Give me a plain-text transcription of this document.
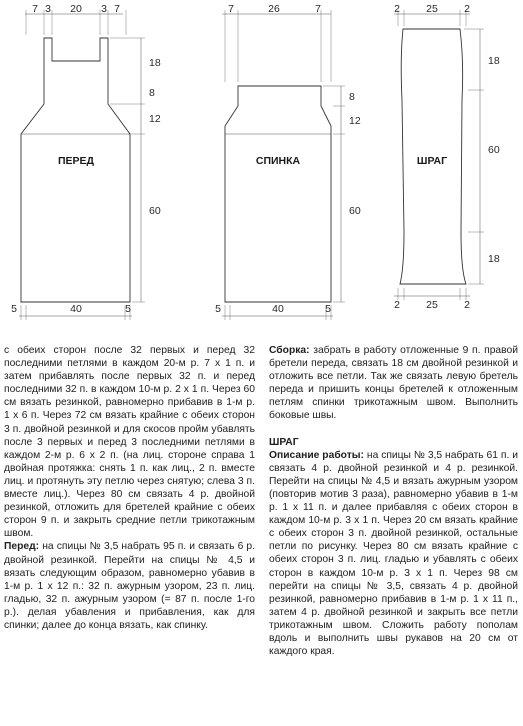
ПЕРЕД
7 3 20 3 7
18
8
12
60
5	40	5
СПИНКА
7	26	7
8
12
60
5	40	5
ШРАГ
2 25 2
18
60
18
2 25 2

с обеих сторон после 32 первых и перед 32 последними петлями в каждом 20-м р. 7 х 1 п. и затем прибавлять после первых 32 п. и перед последними 32 п. в каждом 10-м р. 2 х 1 п. Через 60 см вязать резинкой, равномерно прибавив в 1-м р. 1 х 6 п. Через 72 см вязать крайние с обеих сторон 3 п. двойной резинкой и для скосов пройм убавлять после 3 первых и перед 3 последними петлями в каждом 2-м р. 6 х 2 п. (на лиц. стороне справа 1 двойная протяжка: снять 1 п. как лиц., 2 п. вместе лиц. и протянуть эту петлю через снятую; слева 3 п. вместе лиц.). Через 80 см связать 4 р. двойной резинкой, отложить для бретелей крайние с обеих сторон 9 п. и закрыть средние петли трикотажным швом.

Перед: на спицы № 3,5 набрать 95 п. и связать 6 р. двойной резинкой. Перейти на спицы № 4,5 и вязать следующим образом, равномерно убавив в 1-м р. 1 х 12 п.: 32 п. ажурным узором, 23 п. лиц. гладью, 32 п. ажурным узором (= 87 п. после 1-го р.). делая убавления и прибавления, как для спинки; далее до конца вязать, как спинку.

Сборка: забрать в работу отложенные 9 п. правой бретели переда, связать 18 см двойной резинкой и отложить все петли. Так же связать левую бретель переда и пришить концы бретелей к отложенным петлям спинки трикотажным швом. Выполнить боковые швы.

ШРАГ

Описание работы: на спицы № 3,5 набрать 61 п. и связать 4 р. двойной резинкой и 4 р. резинкой. Перейти на спицы № 4,5 и вязать ажурным узором (повторив мотив 3 раза), равномерно убавив в 1-м р. 1 х 11 п. и далее прибавляя с обеих сторон в каждом 10-м р. 3 х 1 п. Через 20 см вязать крайние с обеих сторон 3 п. двойной резинкой, остальные петли по рисунку. Через 80 см вязать крайние с обеих сторон 3 п. лиц. гладью и убавлять с обеих сторон в каждом 10-м р. 3 х 1 п. Через 98 см перейти на спицы № 3,5, связать 4 р. двойной резинкой, равномерно прибавив в 1-м р. 1 х 11 п., затем 4 р. двойной резинкой и закрыть все петли трикотажным швом. Сложить работу пополам вдоль и выполнить швы рукавов на 20 см от каждого края.
